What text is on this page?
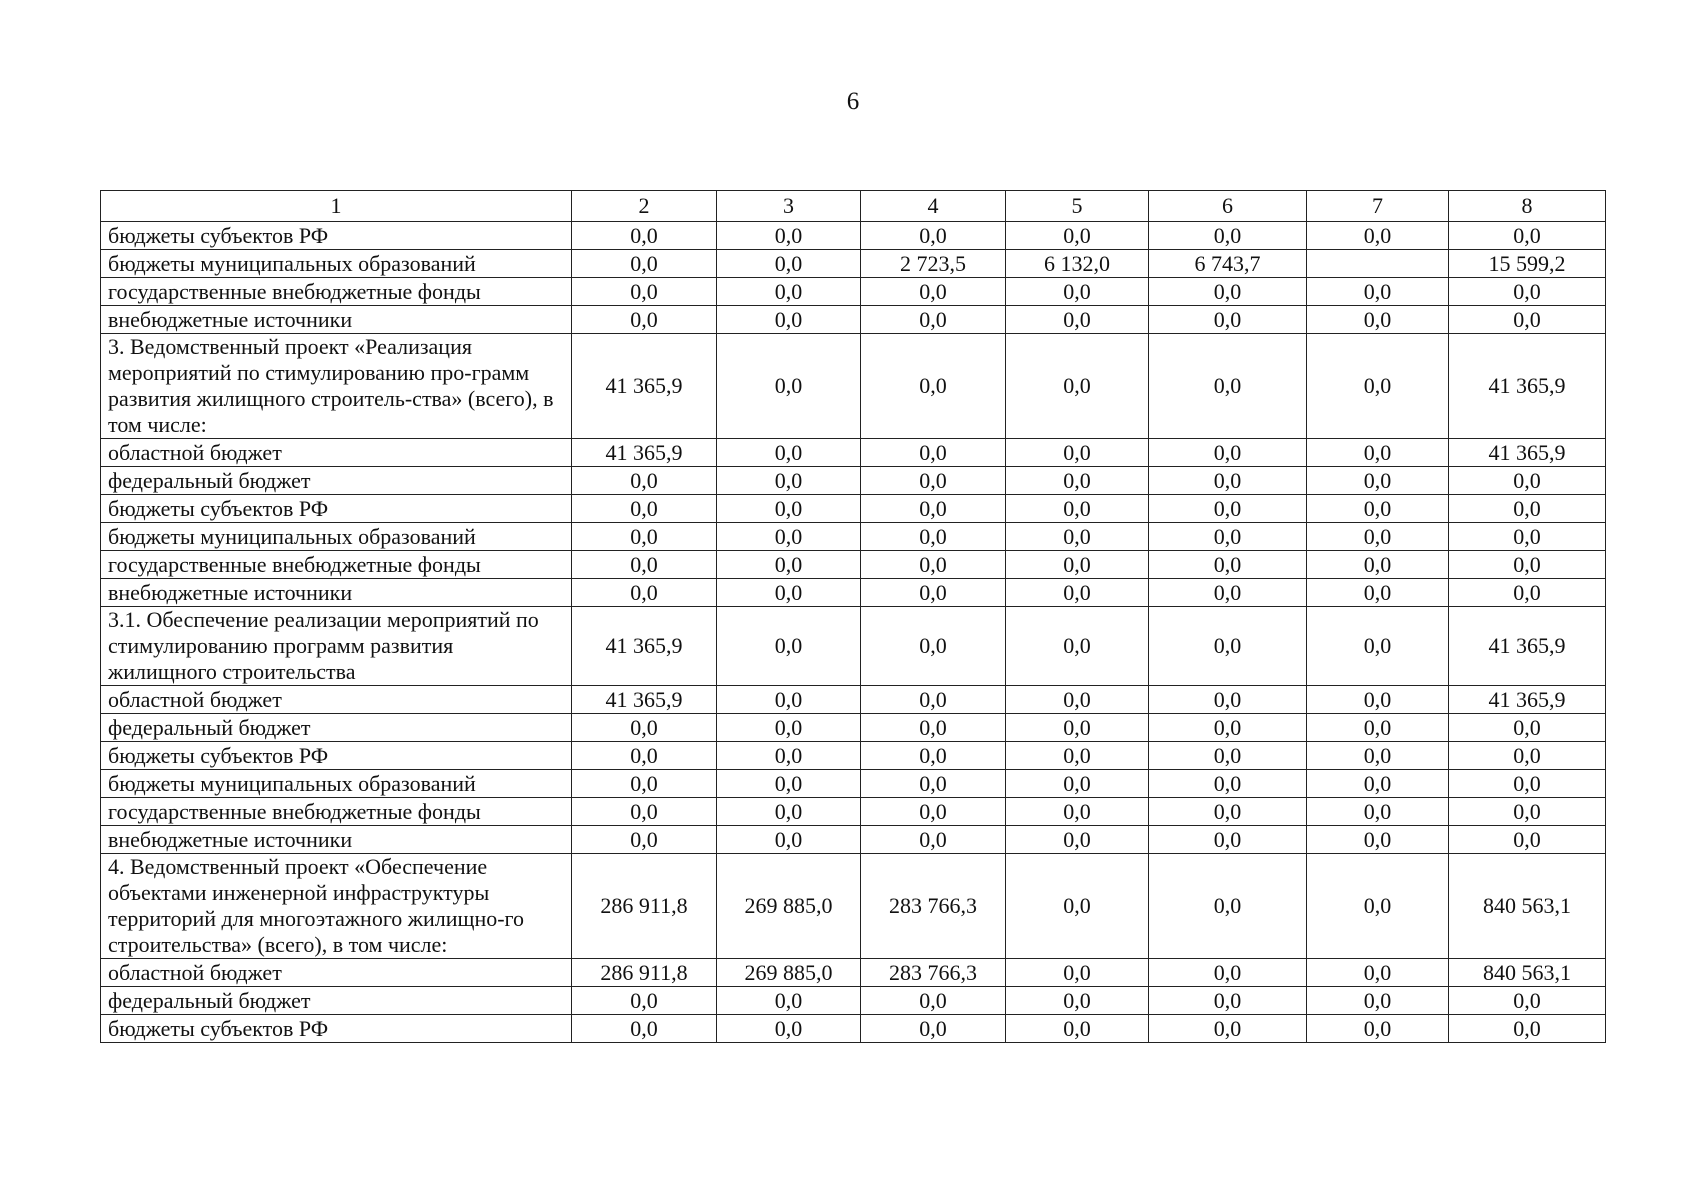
6
1	2	3	4	5	6	7	8
бюджеты субъектов РФ	0,0	0,0	0,0	0,0	0,0	0,0	0,0
бюджеты муниципальных образований	0,0	0,0	2 723,5	6 132,0	6 743,7		15 599,2
государственные внебюджетные фонды	0,0	0,0	0,0	0,0	0,0	0,0	0,0
внебюджетные источники	0,0	0,0	0,0	0,0	0,0	0,0	0,0
3. Ведомственный проект «Реализация мероприятий по стимулированию про-грамм развития жилищного строитель-ства» (всего), в том числе:	41 365,9	0,0	0,0	0,0	0,0	0,0	41 365,9
областной бюджет	41 365,9	0,0	0,0	0,0	0,0	0,0	41 365,9
федеральный бюджет	0,0	0,0	0,0	0,0	0,0	0,0	0,0
бюджеты субъектов РФ	0,0	0,0	0,0	0,0	0,0	0,0	0,0
бюджеты муниципальных образований	0,0	0,0	0,0	0,0	0,0	0,0	0,0
государственные внебюджетные фонды	0,0	0,0	0,0	0,0	0,0	0,0	0,0
внебюджетные источники	0,0	0,0	0,0	0,0	0,0	0,0	0,0
3.1. Обеспечение реализации мероприятий по стимулированию программ развития жилищного строительства	41 365,9	0,0	0,0	0,0	0,0	0,0	41 365,9
областной бюджет	41 365,9	0,0	0,0	0,0	0,0	0,0	41 365,9
федеральный бюджет	0,0	0,0	0,0	0,0	0,0	0,0	0,0
бюджеты субъектов РФ	0,0	0,0	0,0	0,0	0,0	0,0	0,0
бюджеты муниципальных образований	0,0	0,0	0,0	0,0	0,0	0,0	0,0
государственные внебюджетные фонды	0,0	0,0	0,0	0,0	0,0	0,0	0,0
внебюджетные источники	0,0	0,0	0,0	0,0	0,0	0,0	0,0
4. Ведомственный проект «Обеспечение объектами инженерной инфраструктуры территорий для многоэтажного жилищно-го строительства» (всего), в том числе:	286 911,8	269 885,0	283 766,3	0,0	0,0	0,0	840 563,1
областной бюджет	286 911,8	269 885,0	283 766,3	0,0	0,0	0,0	840 563,1
федеральный бюджет	0,0	0,0	0,0	0,0	0,0	0,0	0,0
бюджеты субъектов РФ	0,0	0,0	0,0	0,0	0,0	0,0	0,0
